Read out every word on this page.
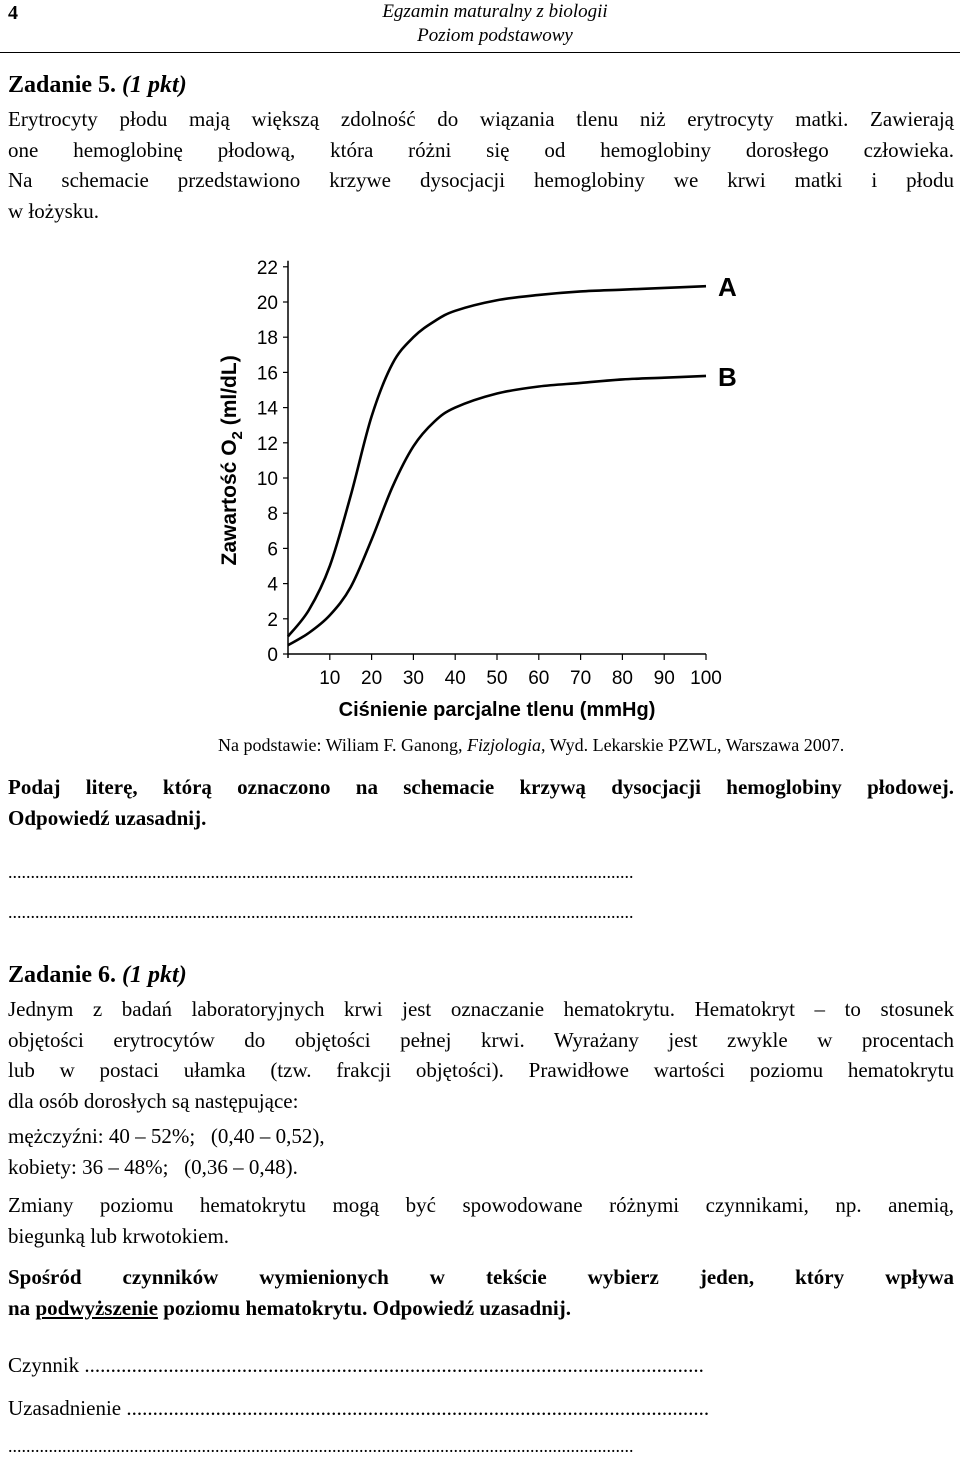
4	Egzamin maturalny z biologii
Poziom podstawowy
Zadanie 5. (1 pkt)
Erytrocyty płodu mają większą zdolność do wiązania tlenu niż erytrocyty matki. Zawierają
one hemoglobinę płodową, która różni się od hemoglobiny dorosłego człowieka.
Na schemacie przedstawiono krzywe dysocjacji hemoglobiny we krwi matki i płodu
w łożysku.
0
2
4
6
8
10
12
14
16
18
20
22
10 20 30 40 50 60 70 80 90 100
Ciśnienie parcjalne tlenu (mmHg)
Zawartość $O_2$ (ml/dL)
A
B
Na podstawie: Wiliam F. Ganong, Fizjologia, Wyd. Lekarskie PZWL, Warszawa 2007.
Podaj literę, którą oznaczono na schemacie krzywą dysocjacji hemoglobiny płodowej.
Odpowiedź uzasadnij.
...........................................................................................................................................
...........................................................................................................................................
Zadanie 6. (1 pkt)
Jednym z badań laboratoryjnych krwi jest oznaczanie hematokrytu. Hematokryt – to stosunek
objętości erytrocytów do objętości pełnej krwi. Wyrażany jest zwykle w procentach
lub w postaci ułamka (tzw. frakcji objętości). Prawidłowe wartości poziomu hematokrytu
dla osób dorosłych są następujące:
mężczyźni: 40 – 52%;   (0,40 – 0,52),
kobiety: 36 – 48%;   (0,36 – 0,48).
Zmiany poziomu hematokrytu mogą być spowodowane różnymi czynnikami, np. anemią,
biegunką lub krwotokiem.
Spośród czynników wymienionych w tekście wybierz jeden, który wpływa
na podwyższenie poziomu hematokrytu. Odpowiedź uzasadnij.
Czynnik ......................................................................................................................
Uzasadnienie ...............................................................................................................
...........................................................................................................................................
